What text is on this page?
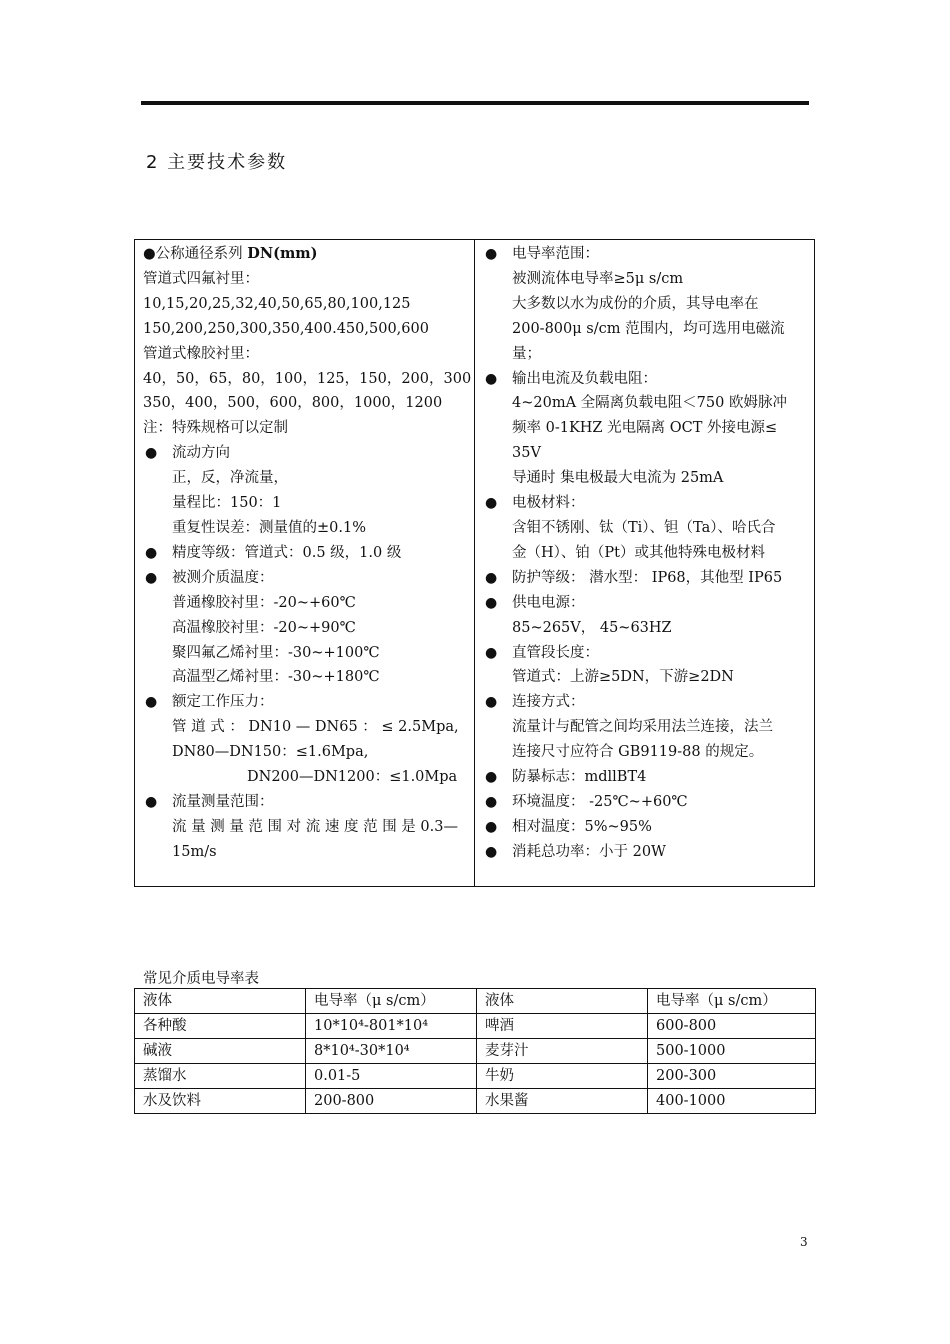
2 主要技术参数
●公称通径系列 DN(mm)
管道式四氟衬里：
10,15,20,25,32,40,50,65,80,100,125
150,200,250,300,350,400.450,500,600
管道式橡胶衬里：
40，50，65，80，100，125，150，200，300
350，400，500，600，800，1000，1200
注：特殊规格可以定制
● 流动方向
正，反，净流量，
量程比：150：1
重复性误差：测量值的±0.1%
● 精度等级：管道式：0.5 级，1.0 级
● 被测介质温度：
普通橡胶衬里：-20~+60℃
高温橡胶衬里：-20~+90℃
聚四氟乙烯衬里：-30~+100℃
高温型乙烯衬里：-30~+180℃
● 额定工作压力：
管 道 式 ： DN10 — DN65 ： ≤ 2.5Mpa,
DN80—DN150：≤1.6Mpa,
DN200—DN1200：≤1.0Mpa
● 流量测量范围：
流 量 测 量 范 围 对 流 速 度 范 围 是 0.3—
15m/s
● 电导率范围：
被测流体电导率≥5μ s/cm
大多数以水为成份的介质，其导电率在
200-800μ s/cm 范围内，均可选用电磁流
量；
● 输出电流及负载电阻：
4~20mA 全隔离负载电阻＜750 欧姆脉冲
频率 0-1KHZ 光电隔离 OCT 外接电源≤
35V
导通时 集电极最大电流为 25mA
● 电极材料：
含钼不锈刚、钛（Ti）、钽（Ta）、哈氏合
金（H）、铂（Pt）或其他特殊电极材料
● 防护等级： 潜水型： IP68，其他型 IP65
● 供电电源：
85~265V， 45~63HZ
● 直管段长度：
管道式：上游≥5DN，下游≥2DN
● 连接方式：
流量计与配管之间均采用法兰连接，法兰
连接尺寸应符合 GB9119-88 的规定。
● 防暴标志：mdllBT4
● 环境温度： -25℃~+60℃
● 相对温度：5%~95%
● 消耗总功率：小于 20W
常见介质电导率表
液体	电导率（μ s/cm）	液体	电导率（μ s/cm）
各种酸	10*10⁴-801*10⁴	啤酒	600-800
碱液	8*10⁴-30*10⁴	麦芽汁	500-1000
蒸馏水	0.01-5	牛奶	200-300
水及饮料	200-800	水果酱	400-1000
3
